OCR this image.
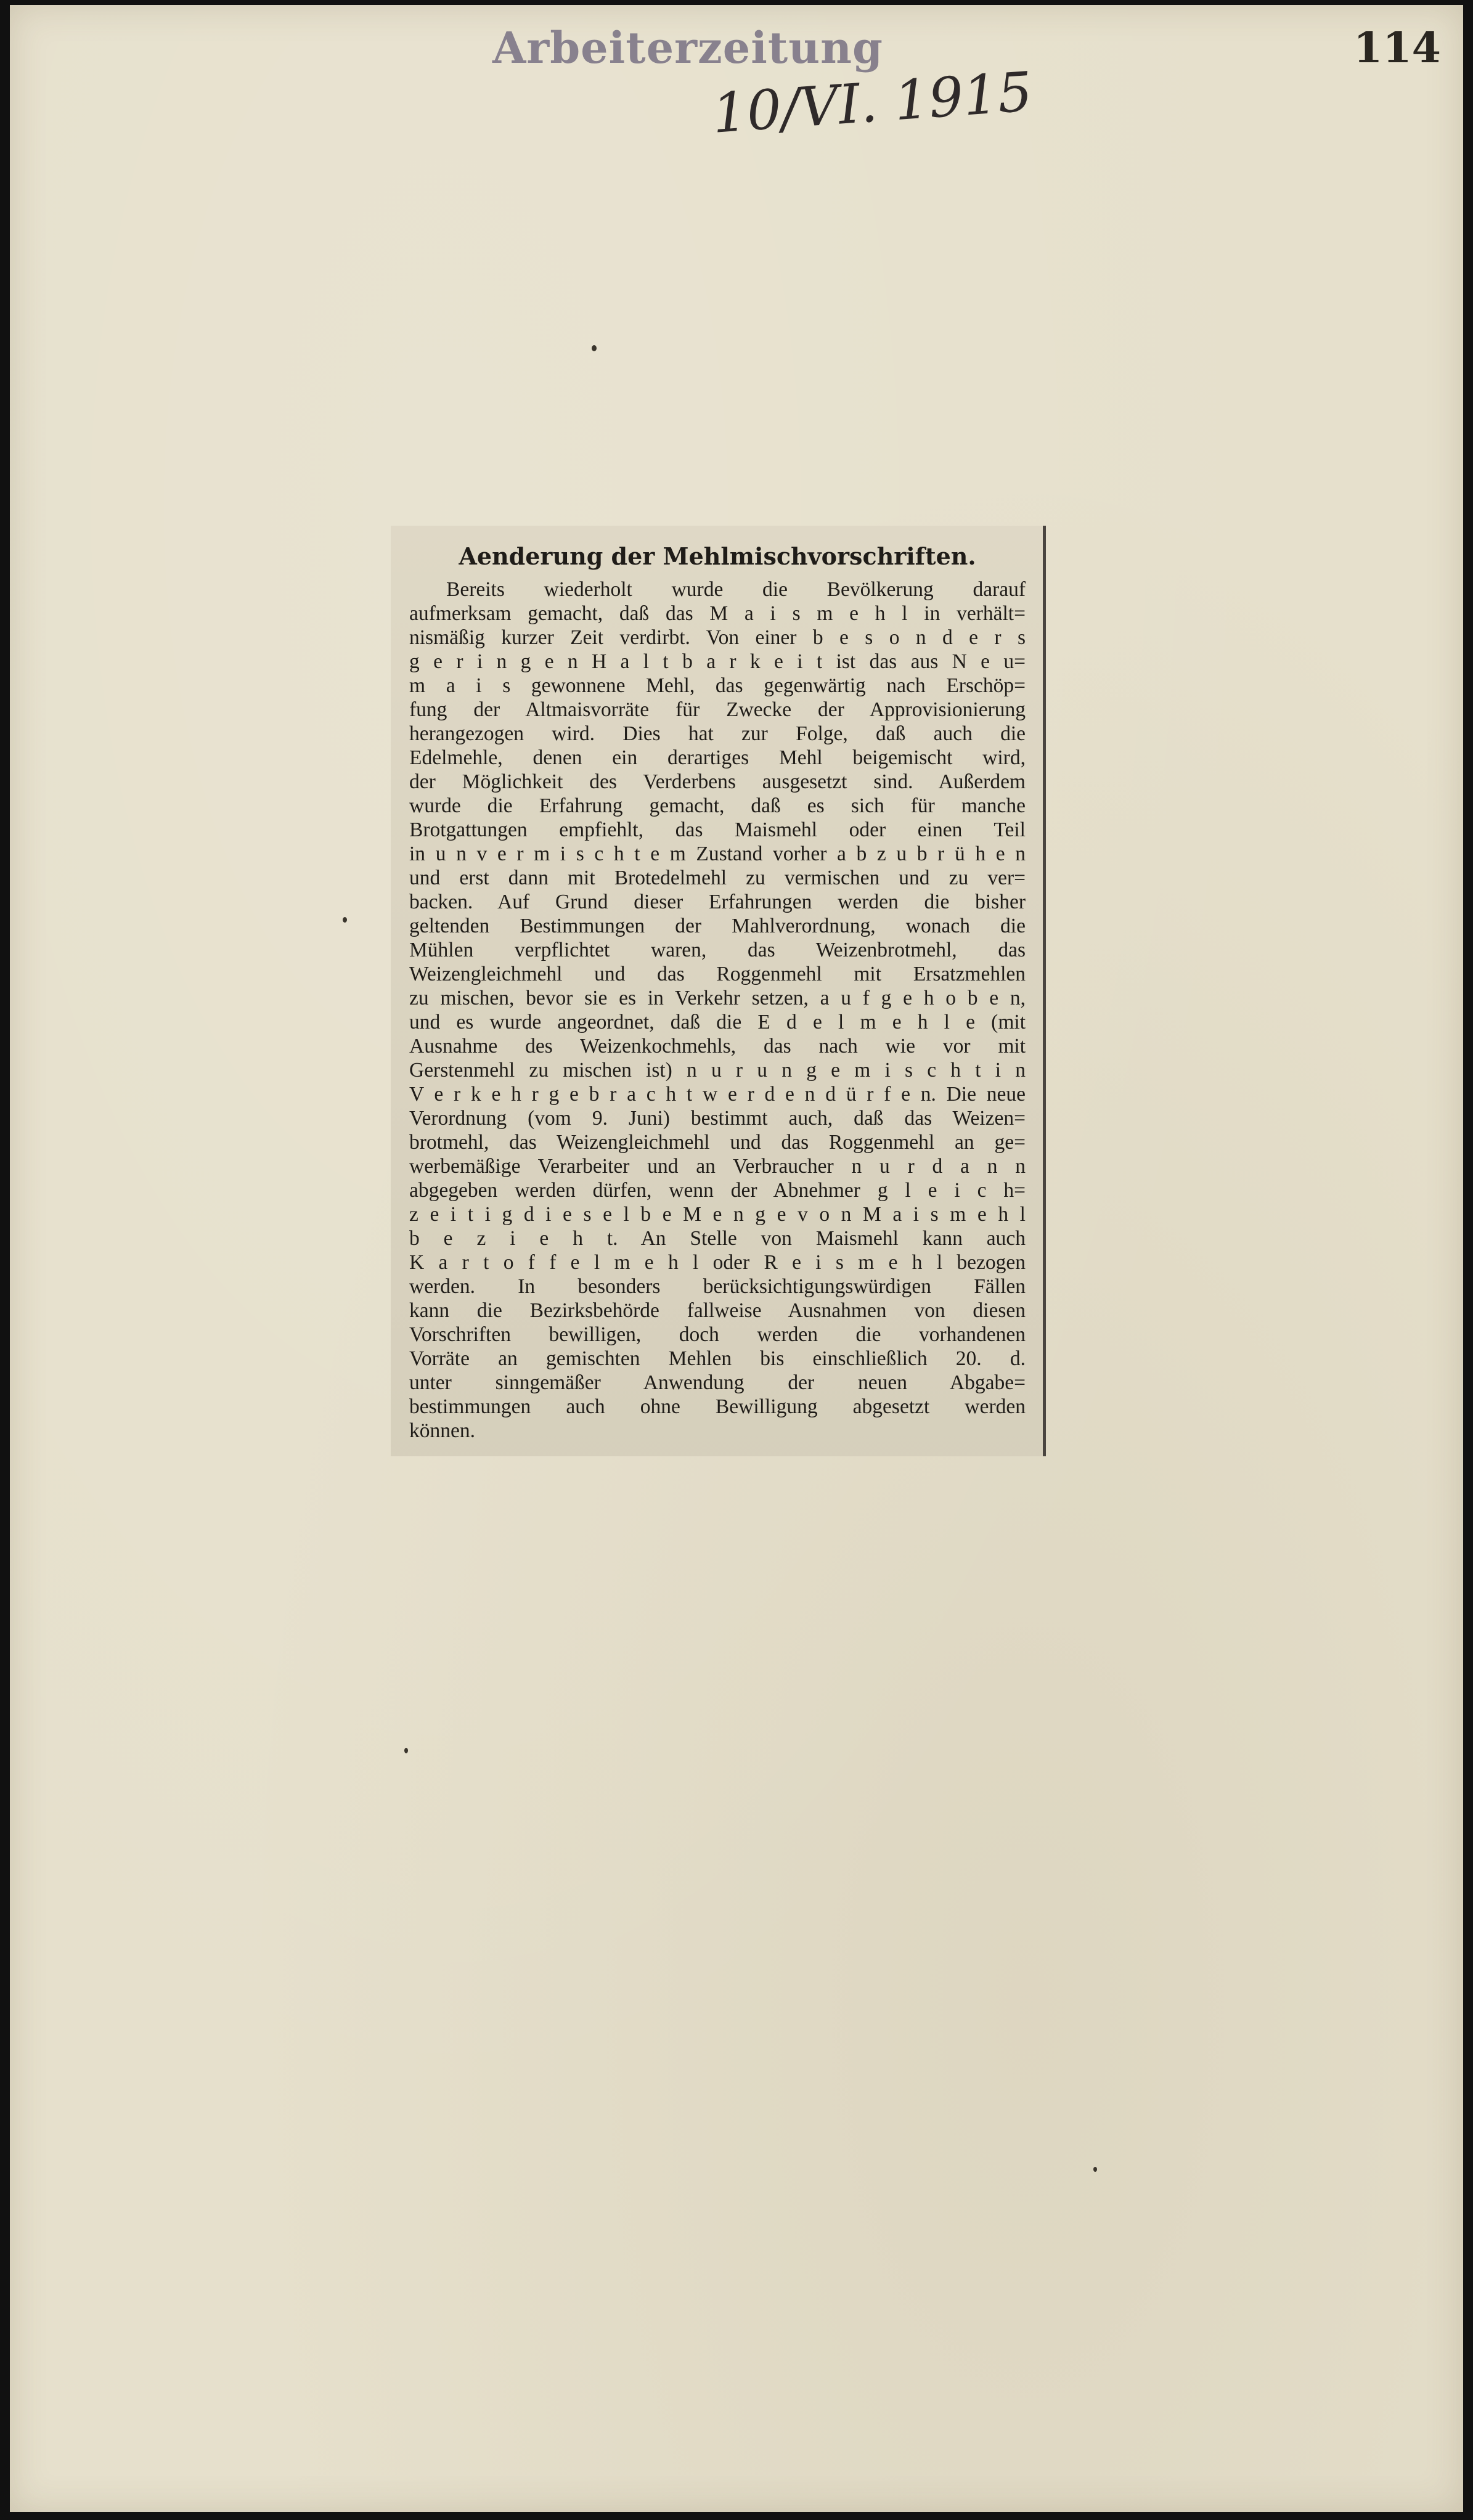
Arbeiterzeitung	114
10/VI. 1915
Aenderung der Mehlmischvorschriften.
Bereits wiederholt wurde die Bevölkerung darauf
aufmerksam gemacht, daß das M a i s m e h l in verhält=
nismäßig kurzer Zeit verdirbt. Von einer b e s o n d e r s
g e r i n g e n H a l t b a r k e i t ist das aus N e u=
m a i s gewonnene Mehl, das gegenwärtig nach Erschöp=
fung der Altmaisvorräte für Zwecke der Approvisionierung
herangezogen wird. Dies hat zur Folge, daß auch die
Edelmehle, denen ein derartiges Mehl beigemischt wird,
der Möglichkeit des Verderbens ausgesetzt sind. Außerdem
wurde die Erfahrung gemacht, daß es sich für manche
Brotgattungen empfiehlt, das Maismehl oder einen Teil
in u n v e r m i s c h t e m Zustand vorher a b z u b r ü h e n
und erst dann mit Brotedelmehl zu vermischen und zu ver=
backen. Auf Grund dieser Erfahrungen werden die bisher
geltenden Bestimmungen der Mahlverordnung, wonach die
Mühlen verpflichtet waren, das Weizenbrotmehl, das
Weizengleichmehl und das Roggenmehl mit Ersatzmehlen
zu mischen, bevor sie es in Verkehr setzen, a u f g e h o b e n,
und es wurde angeordnet, daß die E d e l m e h l e (mit
Ausnahme des Weizenkochmehls, das nach wie vor mit
Gerstenmehl zu mischen ist) n u r u n g e m i s c h t i n
V e r k e h r g e b r a c h t w e r d e n d ü r f e n. Die neue
Verordnung (vom 9. Juni) bestimmt auch, daß das Weizen=
brotmehl, das Weizengleichmehl und das Roggenmehl an ge=
werbemäßige Verarbeiter und an Verbraucher n u r d a n n
abgegeben werden dürfen, wenn der Abnehmer g l e i c h=
z e i t i g d i e s e l b e M e n g e v o n M a i s m e h l
b e z i e h t. An Stelle von Maismehl kann auch
K a r t o f f e l m e h l oder R e i s m e h l bezogen
werden. In besonders berücksichtigungswürdigen Fällen
kann die Bezirksbehörde fallweise Ausnahmen von diesen
Vorschriften bewilligen, doch werden die vorhandenen
Vorräte an gemischten Mehlen bis einschließlich 20. d.
unter sinngemäßer Anwendung der neuen Abgabe=
bestimmungen auch ohne Bewilligung abgesetzt werden
können.
